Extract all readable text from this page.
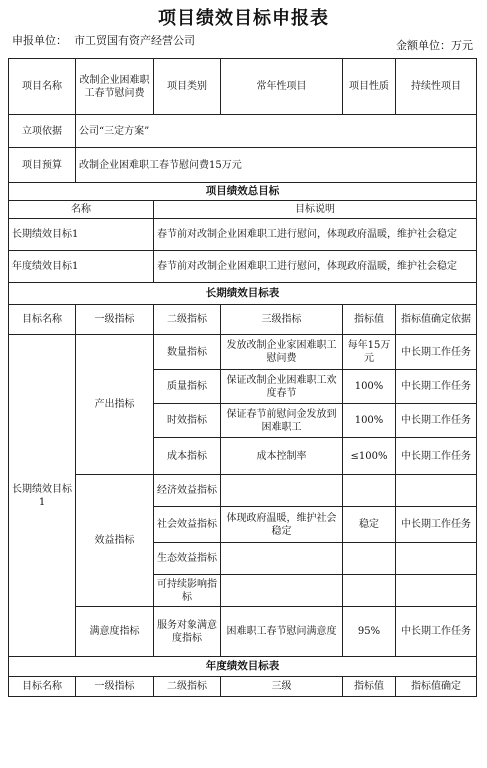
项目绩效目标申报表
申报单位： 市工贸国有资产经营公司	金额单位：万元
项目名称	改制企业困难职工春节慰问费	项目类别	常年性项目	项目性质	持续性项目
立项依据	公司“三定方案”				
项目预算	改制企业困难职工春节慰问费15万元				
项目绩效总目标					
名称		目标说明			
长期绩效目标1		春节前对改制企业困难职工进行慰问，体现政府温暖，维护社会稳定			
年度绩效目标1		春节前对改制企业困难职工进行慰问，体现政府温暖，维护社会稳定			
长期绩效目标表					
目标名称	一级指标	二级指标	三级指标	指标值	指标值确定依据
长期绩效目标1	产出指标	数量指标	发放改制企业家困难职工慰问费	每年15万元	中长期工作任务
		质量指标	保证改制企业困难职工欢度春节	100%	中长期工作任务
		时效指标	保证春节前慰问金发放到困难职工	100%	中长期工作任务
		成本指标	成本控制率	≤100%	中长期工作任务
	效益指标	经济效益指标			
		社会效益指标	体现政府温暖，维护社会稳定	稳定	中长期工作任务
		生态效益指标			
		可持续影响指标			
	满意度指标	服务对象满意度指标	困难职工春节慰问满意度	95%	中长期工作任务
年度绩效目标表					
目标名称	一级指标	二级指标	三级	指标值	指标值确定
